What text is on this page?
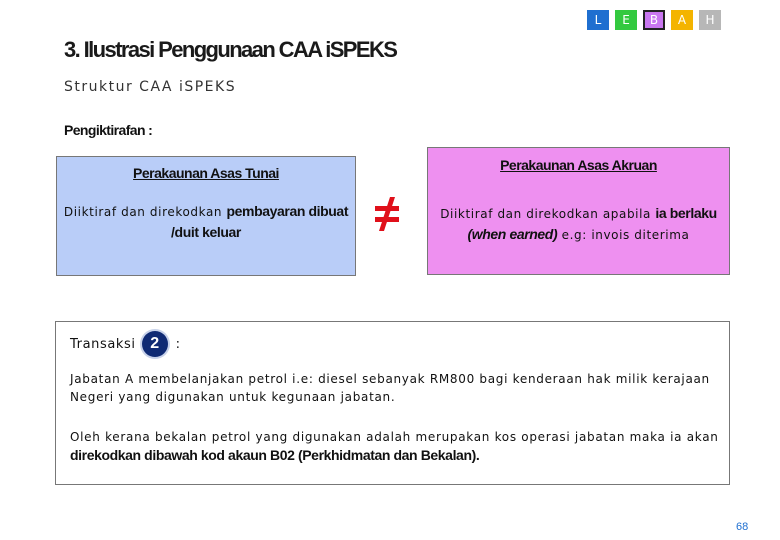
L	E	B	A	H
3. Ilustrasi Penggunaan CAA iSPEKS
Struktur CAA iSPEKS
Pengiktirafan :
Perakaunan Asas Tunai
Diiktiraf dan direkodkan pembayaran dibuat /duit keluar
Perakaunan Asas Akruan
Diiktiraf dan direkodkan apabila ia berlaku
(when earned) e.g: invois diterima
Transaksi 2	:
Jabatan A membelanjakan petrol i.e: diesel sebanyak RM800 bagi kenderaan hak milik kerajaan Negeri yang digunakan untuk kegunaan jabatan.
Oleh kerana bekalan petrol yang digunakan adalah merupakan kos operasi jabatan maka ia akan direkodkan dibawah kod akaun B02 (Perkhidmatan dan Bekalan).
68
